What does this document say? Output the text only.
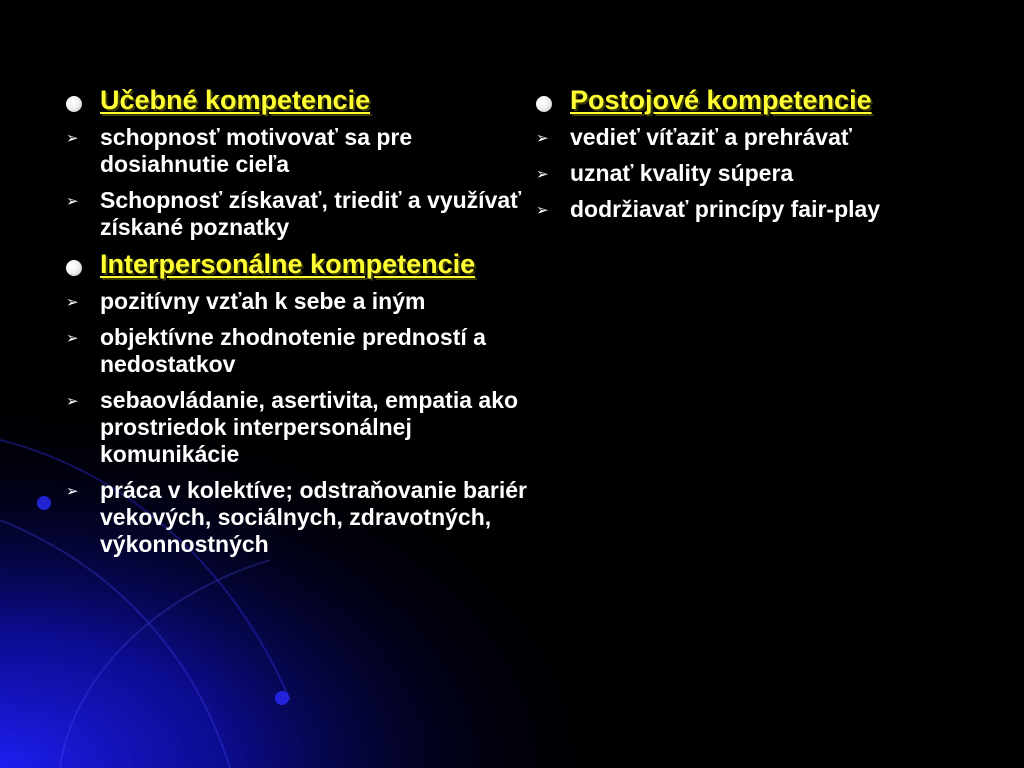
Učebné kompetencie
➢ schopnosť motivovať sa pre dosiahnutie cieľa
➢ Schopnosť získavať, triediť a využívať získané poznatky
Interpersonálne kompetencie
➢ pozitívny vzťah k sebe a iným
➢ objektívne zhodnotenie predností a nedostatkov
➢ sebaovládanie, asertivita, empatia ako prostriedok interpersonálnej komunikácie
➢ práca v kolektíve; odstraňovanie bariér vekových, sociálnych, zdravotných, výkonnostných
Postojové kompetencie
➢ vedieť víťaziť a prehrávať
➢ uznať kvality súpera
➢ dodržiavať princípy fair-play
